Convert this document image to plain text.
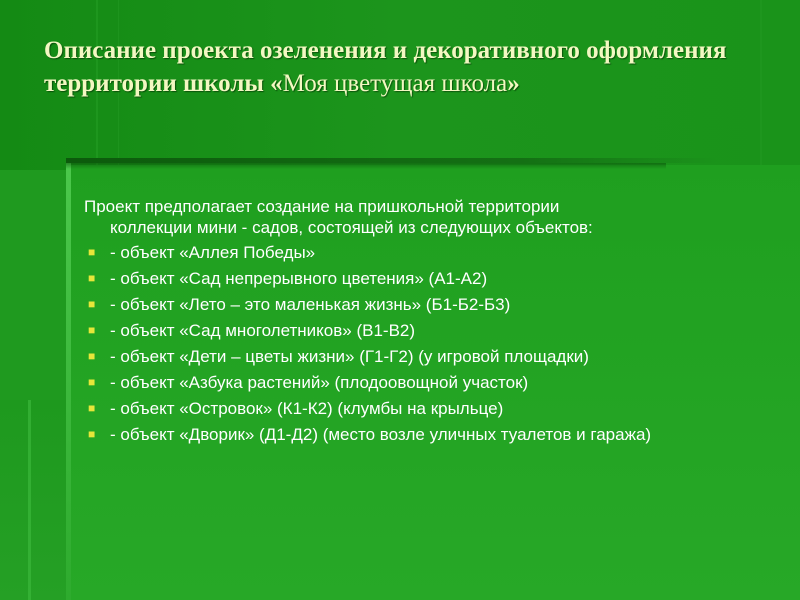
Описание проекта озеленения и декоративного оформления территории школы «Моя цветущая школа»

Проект предполагает создание на пришкольной территории
коллекции мини - садов, состоящей из следующих объектов:

■ - объект «Аллея Победы»
■ - объект «Сад непрерывного цветения» (А1-А2)
■ - объект «Лето – это маленькая жизнь» (Б1-Б2-Б3)
■ - объект «Сад многолетников» (В1-В2)
■ - объект «Дети – цветы жизни» (Г1-Г2) (у игровой площадки)
■ - объект «Азбука растений» (плодоовощной участок)
■ - объект «Островок» (К1-К2) (клумбы на крыльце)
■ - объект «Дворик» (Д1-Д2) (место возле уличных туалетов и гаража)
